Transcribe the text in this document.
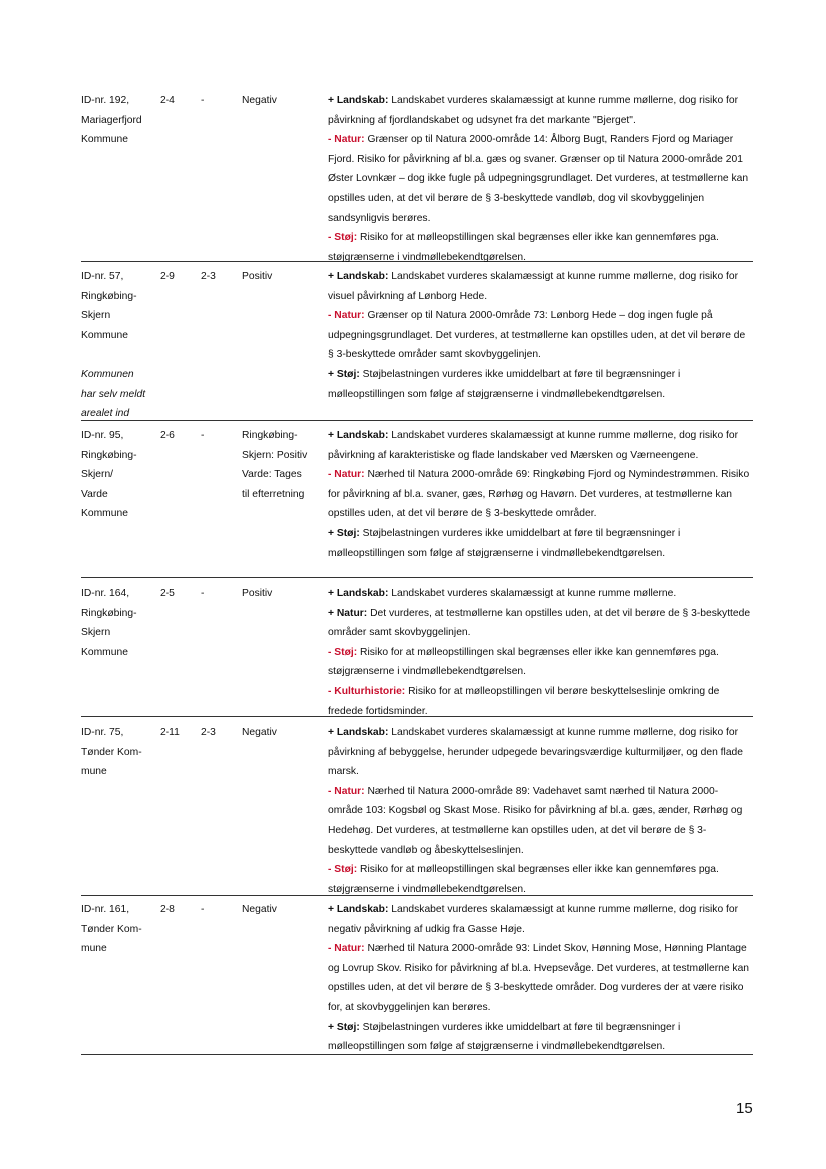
ID-nr. 192,
Mariagerfjord
Kommune
2-4	-	Negativ	+ Landskab: Landskabet vurderes skalamæssigt at kunne rumme møllerne, dog risiko for påvirkning af fjordlandskabet og udsynet fra det markante "Bjerget".

- Natur: Grænser op til Natura 2000-område 14: Ålborg Bugt, Randers Fjord og Mariager Fjord. Risiko for påvirkning af bl.a. gæs og svaner. Grænser op til Natura 2000-område 201 Øster Lovnkær – dog ikke fugle på udpegningsgrundlaget. Det vurderes, at testmøllerne kan opstilles uden, at det vil berøre de § 3-beskyttede vandløb, dog vil skovbyggelinjen sandsynligvis berøres.

- Støj: Risiko for at mølleopstillingen skal begrænses eller ikke kan gennemføres pga. støjgrænserne i vindmøllebekendtgørelsen.

ID-nr. 57,
Ringkøbing-
Skjern
Kommune

Kommunen
har selv meldt
arealet ind
2-9	2-3	Positiv	+ Landskab: Landskabet vurderes skalamæssigt at kunne rumme møllerne, dog risiko for visuel påvirkning af Lønborg Hede.

- Natur: Grænser op til Natura 2000-0mråde 73: Lønborg Hede – dog ingen fugle på udpegningsgrundlaget. Det vurderes, at testmøllerne kan opstilles uden, at det vil berøre de § 3-beskyttede områder samt skovbyggelinjen.

+ Støj: Støjbelastningen vurderes ikke umiddelbart at føre til begrænsninger i mølleopstillingen som følge af støjgrænserne i vindmøllebekendtgørelsen.

ID-nr. 95,
Ringkøbing-
Skjern/
Varde
Kommune
2-6	-	Ringkøbing-
Skjern: Positiv
Varde: Tages
til efterretning

+ Landskab: Landskabet vurderes skalamæssigt at kunne rumme møllerne, dog risiko for påvirkning af karakteristiske og flade landskaber ved Mærsken og Værneengene.

- Natur: Nærhed til Natura 2000-område 69: Ringkøbing Fjord og Nymindestrømmen. Risiko for påvirkning af bl.a. svaner, gæs, Rørhøg og Havørn. Det vurderes, at testmøllerne kan opstilles uden, at det vil berøre de § 3-beskyttede områder.

+ Støj: Støjbelastningen vurderes ikke umiddelbart at føre til begrænsninger i mølleopstillingen som følge af støjgrænserne i vindmøllebekendtgørelsen.

ID-nr. 164,
Ringkøbing-
Skjern
Kommune
2-5	-	Positiv	+ Landskab: Landskabet vurderes skalamæssigt at kunne rumme møllerne.

+ Natur: Det vurderes, at testmøllerne kan opstilles uden, at det vil berøre de § 3-beskyttede områder samt skovbyggelinjen.

- Støj: Risiko for at mølleopstillingen skal begrænses eller ikke kan gennemføres pga. støjgrænserne i vindmøllebekendtgørelsen.

- Kulturhistorie: Risiko for at mølleopstillingen vil berøre beskyttelseslinje omkring de fredede fortidsminder.

ID-nr. 75,
Tønder Kom-
mune
2-11	2-3	Negativ	+ Landskab: Landskabet vurderes skalamæssigt at kunne rumme møllerne, dog risiko for påvirkning af bebyggelse, herunder udpegede bevaringsværdige kulturmiljøer, og den flade marsk.

- Natur: Nærhed til Natura 2000-område 89: Vadehavet samt nærhed til Natura 2000-område 103: Kogsbøl og Skast Mose. Risiko for påvirkning af bl.a. gæs, ænder, Rørhøg og Hedehøg. Det vurderes, at testmøllerne kan opstilles uden, at det vil berøre de § 3-beskyttede vandløb og åbeskyttelseslinjen.

- Støj: Risiko for at mølleopstillingen skal begrænses eller ikke kan gennemføres pga. støjgrænserne i vindmøllebekendtgørelsen.

ID-nr. 161,
Tønder Kom-
mune
2-8	-	Negativ	+ Landskab: Landskabet vurderes skalamæssigt at kunne rumme møllerne, dog risiko for negativ påvirkning af udkig fra Gasse Høje.

- Natur: Nærhed til Natura 2000-område 93: Lindet Skov, Hønning Mose, Hønning Plantage og Lovrup Skov. Risiko for påvirkning af bl.a. Hvepsevåge. Det vurderes, at testmøllerne kan opstilles uden, at det vil berøre de § 3-beskyttede områder. Dog vurderes der at være risiko for, at skovbyggelinjen kan berøres.

+ Støj: Støjbelastningen vurderes ikke umiddelbart at føre til begrænsninger i mølleopstillingen som følge af støjgrænserne i vindmøllebekendtgørelsen.

15
